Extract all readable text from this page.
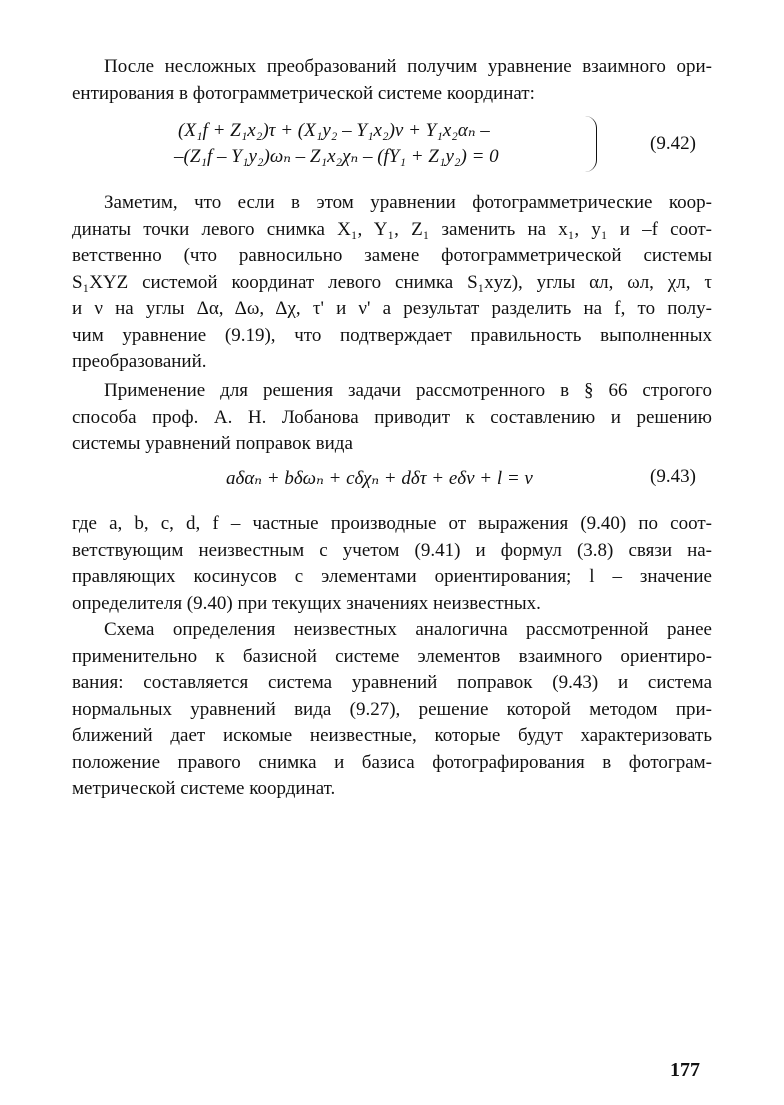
После несложных преобразований получим уравнение взаимного ори-
ентирования в фотограмметрической системе координат:
(X₁f + Z₁x₂)τ + (X₁y₂ – Y₁x₂)ν + Y₁x₂αₙ –
–(Z₁f – Y₁y₂)ωₙ – Z₁x₂χₙ – (fY₁ + Z₁y₂) = 0
(9.42)
Заметим, что если в этом уравнении фотограмметрические коор-
динаты точки левого снимка X₁, Y₁, Z₁ заменить на x₁, y₁ и –f соот-
ветственно (что равносильно замене фотограмметрической системы
S₁XYZ системой координат левого снимка S₁xyz), углы αл, ωл, χл, τ
и ν на углы Δα, Δω, Δχ, τ' и ν' а результат разделить на f, то полу-
чим уравнение (9.19), что подтверждает правильность выполненных
преобразований.
Применение для решения задачи рассмотренного в § 66 строгого
способа проф. А. Н. Лобанова приводит к составлению и решению
системы уравнений поправок вида
aδαₙ + bδωₙ + cδχₙ + dδτ + eδν + l = v	(9.43)
где a, b, c, d, f – частные производные от выражения (9.40) по соот-
ветствующим неизвестным с учетом (9.41) и формул (3.8) связи на-
правляющих косинусов с элементами ориентирования; l – значение
определителя (9.40) при текущих значениях неизвестных.
Схема определения неизвестных аналогична рассмотренной ранее
применительно к базисной системе элементов взаимного ориентиро-
вания: составляется система уравнений поправок (9.43) и система
нормальных уравнений вида (9.27), решение которой методом при-
ближений дает искомые неизвестные, которые будут характеризовать
положение правого снимка и базиса фотографирования в фотограм-
метрической системе координат.
177
